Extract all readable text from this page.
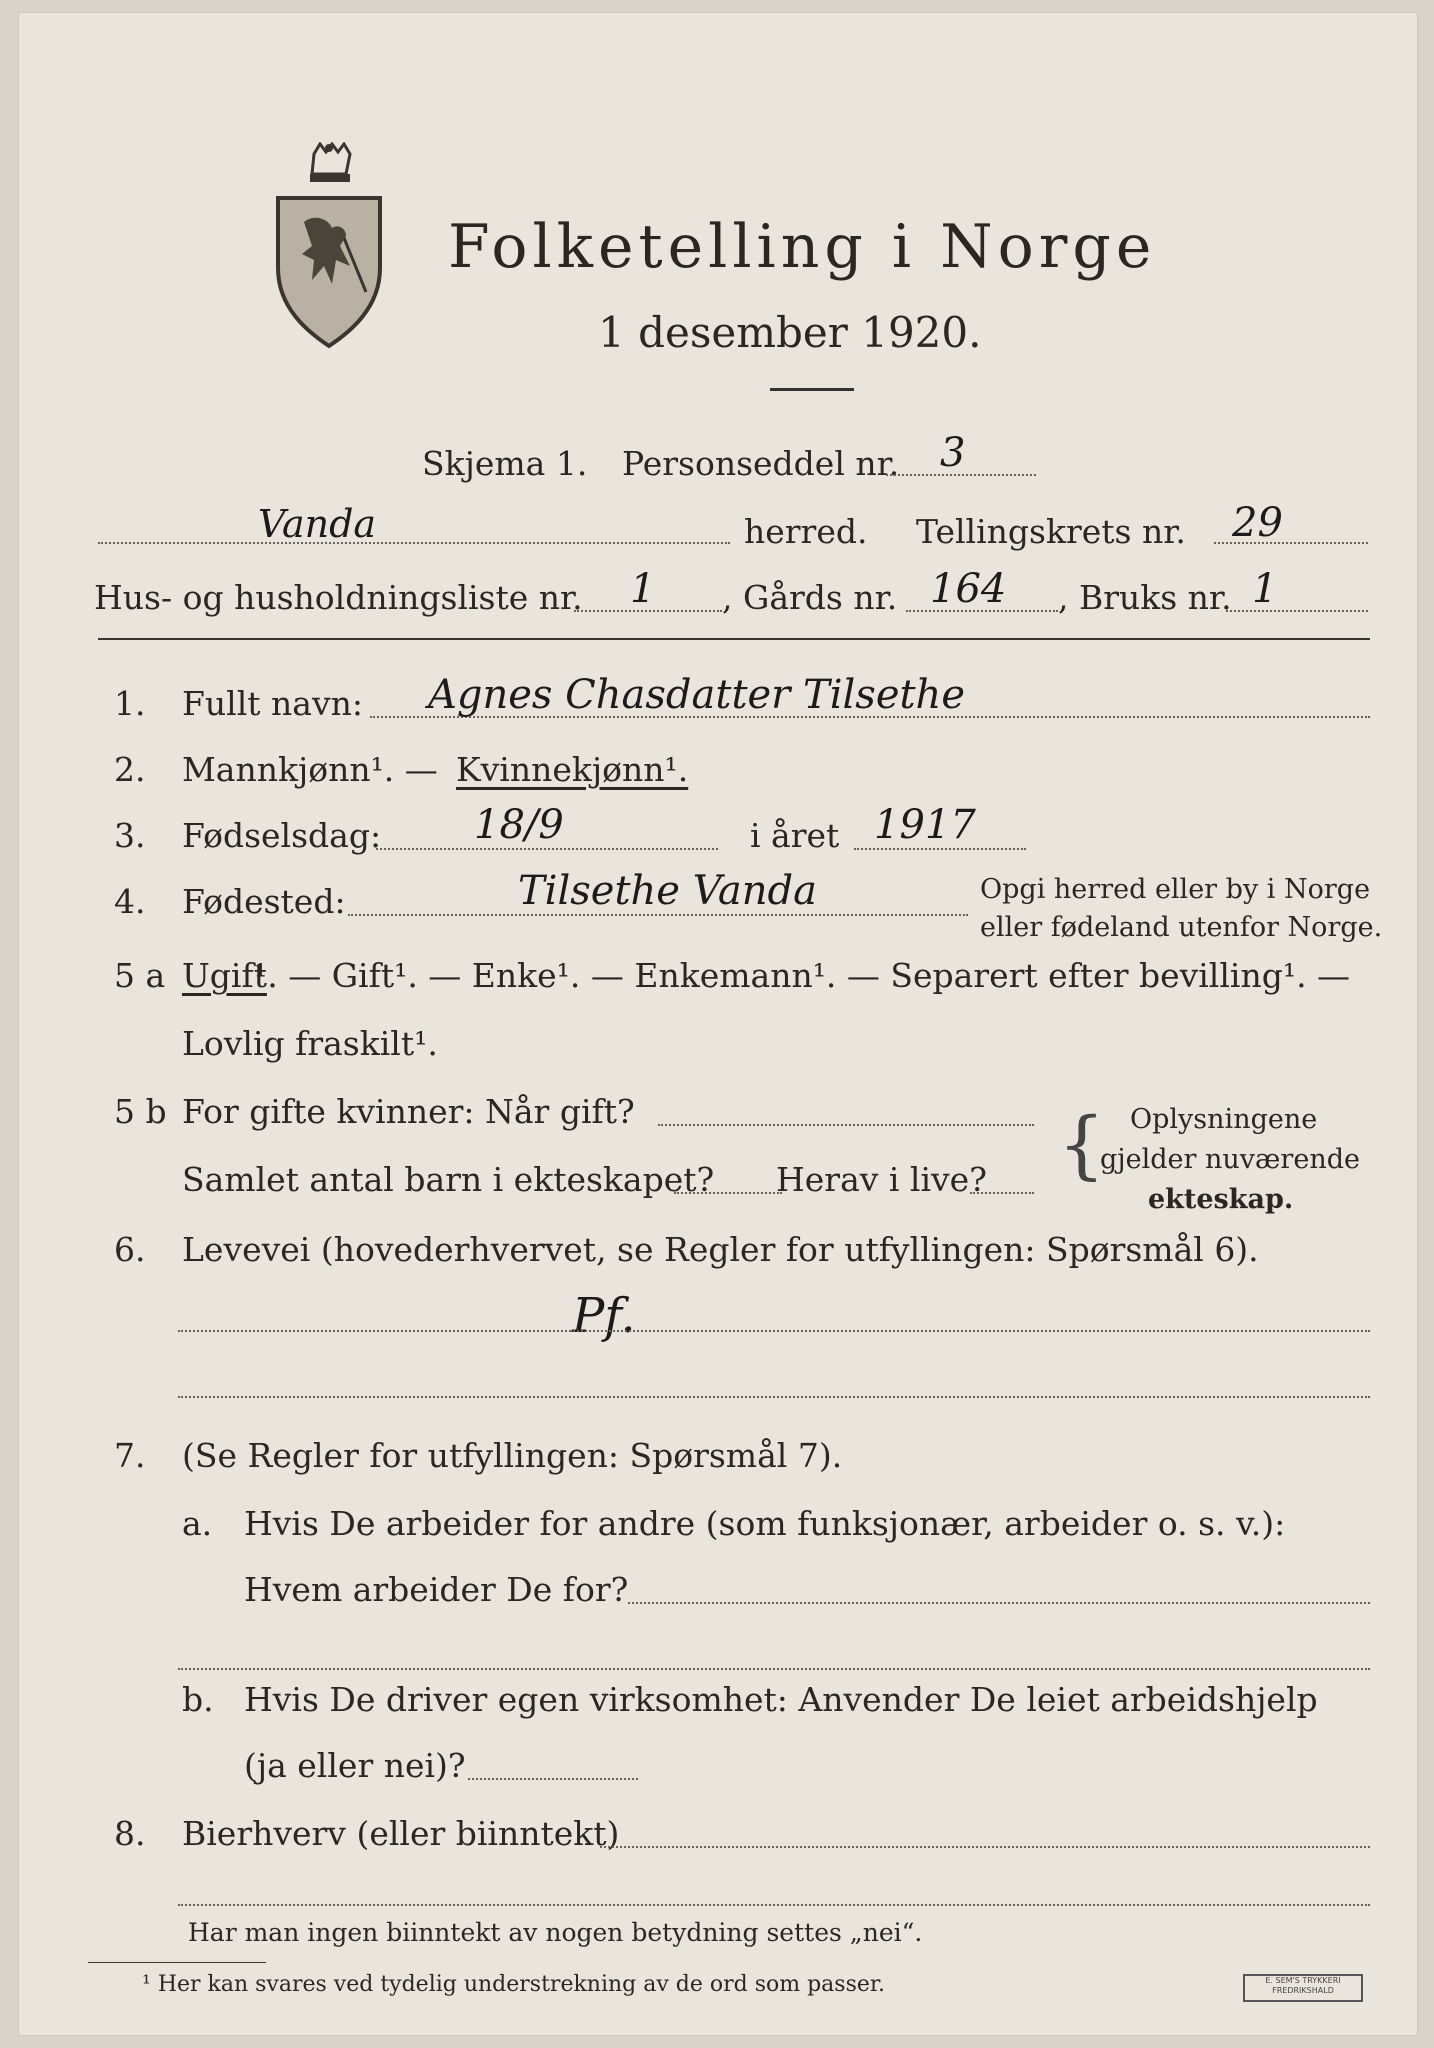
Folketelling i Norge
1 desember 1920.
Skjema 1. Personseddel nr. 3
Vanda	herred. Tellingskrets nr. 29
Hus- og husholdningsliste nr. 1 , Gårds nr. 164 , Bruks nr. 1
1. Fullt navn: Agnes Chasdatter Tilsethe
2. Mannkjønn¹. — Kvinnekjønn¹.
3. Fødselsdag: 18/9	i året 1917
4. Fødested:	Tilsethe Vanda	Opgi herred eller by i Norge
eller fødeland utenfor Norge.
5 a Ugift
¹. — Gift¹. — Enke¹. — Enkemann¹. — Separert efter bevilling¹. —
Lovlig fraskilt¹.
5 b For gifte kvinner: Når gift?
Samlet antal barn i ekteskapet? Herav i live? { Oplysningene
gjelder nuværende
ekteskap.
6. Levevei (hovederhvervet, se Regler for utfyllingen: Spørsmål 6).
Pf.
7. (Se Regler for utfyllingen: Spørsmål 7).
a. Hvis De arbeider for andre (som funksjonær, arbeider o. s. v.):
Hvem arbeider De for?
b. Hvis De driver egen virksomhet: Anvender De leiet arbeidshjelp
(ja eller nei)?
8. Bierhverv (eller biinntekt)
Har man ingen biinntekt av nogen betydning settes „nei“.
¹ Her kan svares ved tydelig understrekning av de ord som passer.	E. SEM'S TRYKKERI FREDRIKSHALD
